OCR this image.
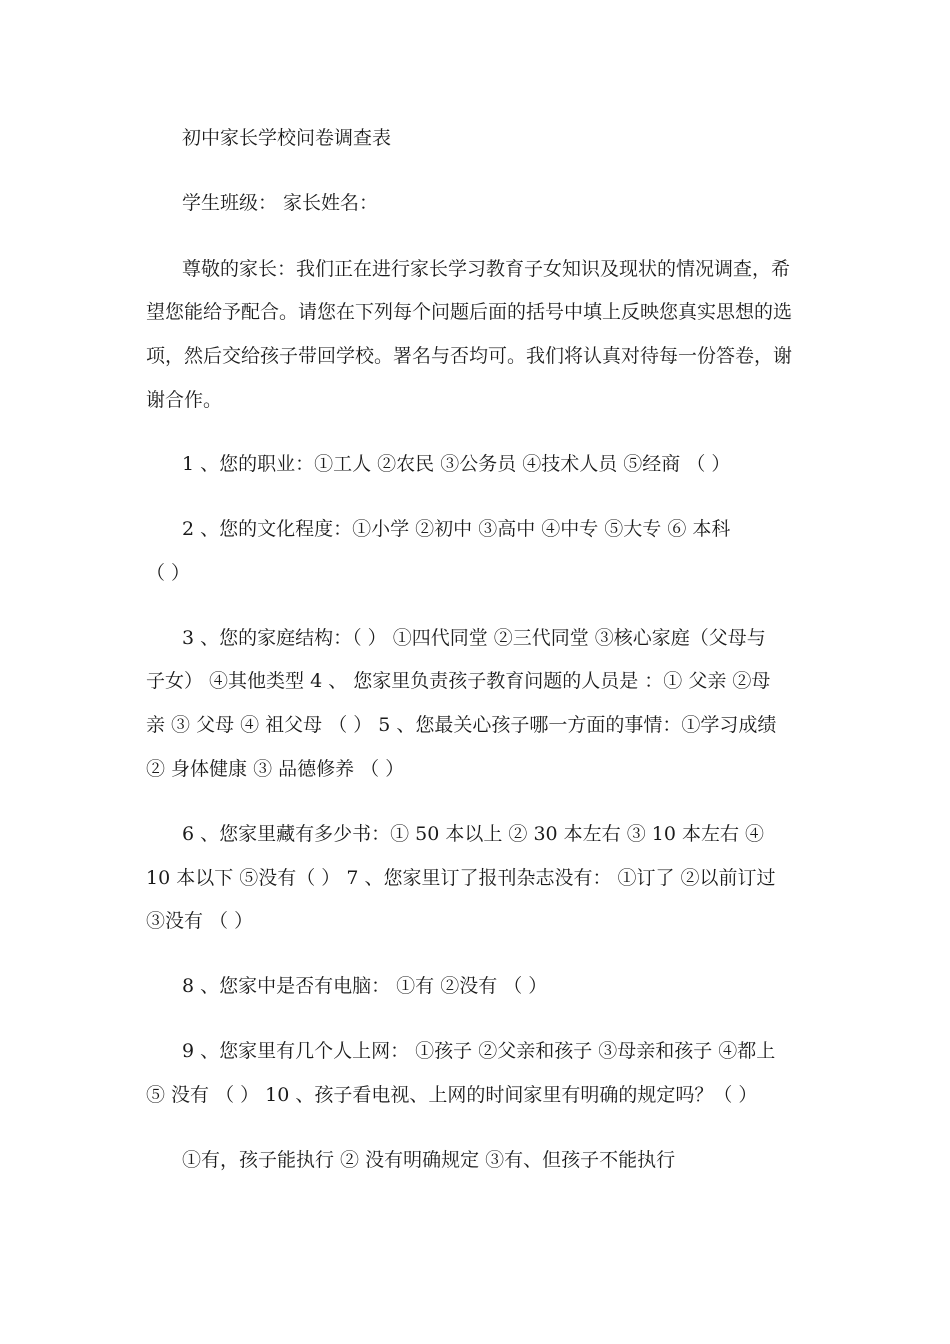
初中家长学校问卷调查表
学生班级： 家长姓名：
尊敬的家长：我们正在进行家长学习教育子女知识及现状的情况调查，希
望您能给予配合。请您在下列每个问题后面的括号中填上反映您真实思想的选
项，然后交给孩子带回学校。署名与否均可。我们将认真对待每一份答卷，谢
谢合作。
1 、您的职业：①工人 ②农民 ③公务员 ④技术人员 ⑤经商 （ ）
2 、您的文化程度：①小学 ②初中 ③高中 ④中专 ⑤大专 ⑥ 本科
（ ）
3 、您的家庭结构：（ ） ①四代同堂 ②三代同堂 ③核心家庭（父母与
子女） ④其他类型 4 、 您家里负责孩子教育问题的人员是 ：① 父亲 ②母
亲 ③ 父母 ④ 祖父母 （ ） 5 、您最关心孩子哪一方面的事情：①学习成绩
② 身体健康 ③ 品德修养 （ ）
6 、您家里藏有多少书：① 50 本以上 ② 30 本左右 ③ 10 本左右 ④
10 本以下 ⑤没有（ ） 7 、您家里订了报刊杂志没有： ①订了 ②以前订过
③没有 （ ）
8 、您家中是否有电脑： ①有 ②没有 （ ）
9 、您家里有几个人上网： ①孩子 ②父亲和孩子 ③母亲和孩子 ④都上
⑤ 没有 （ ） 10 、孩子看电视、上网的时间家里有明确的规定吗？（ ）
①有，孩子能执行 ② 没有明确规定 ③有、但孩子不能执行
